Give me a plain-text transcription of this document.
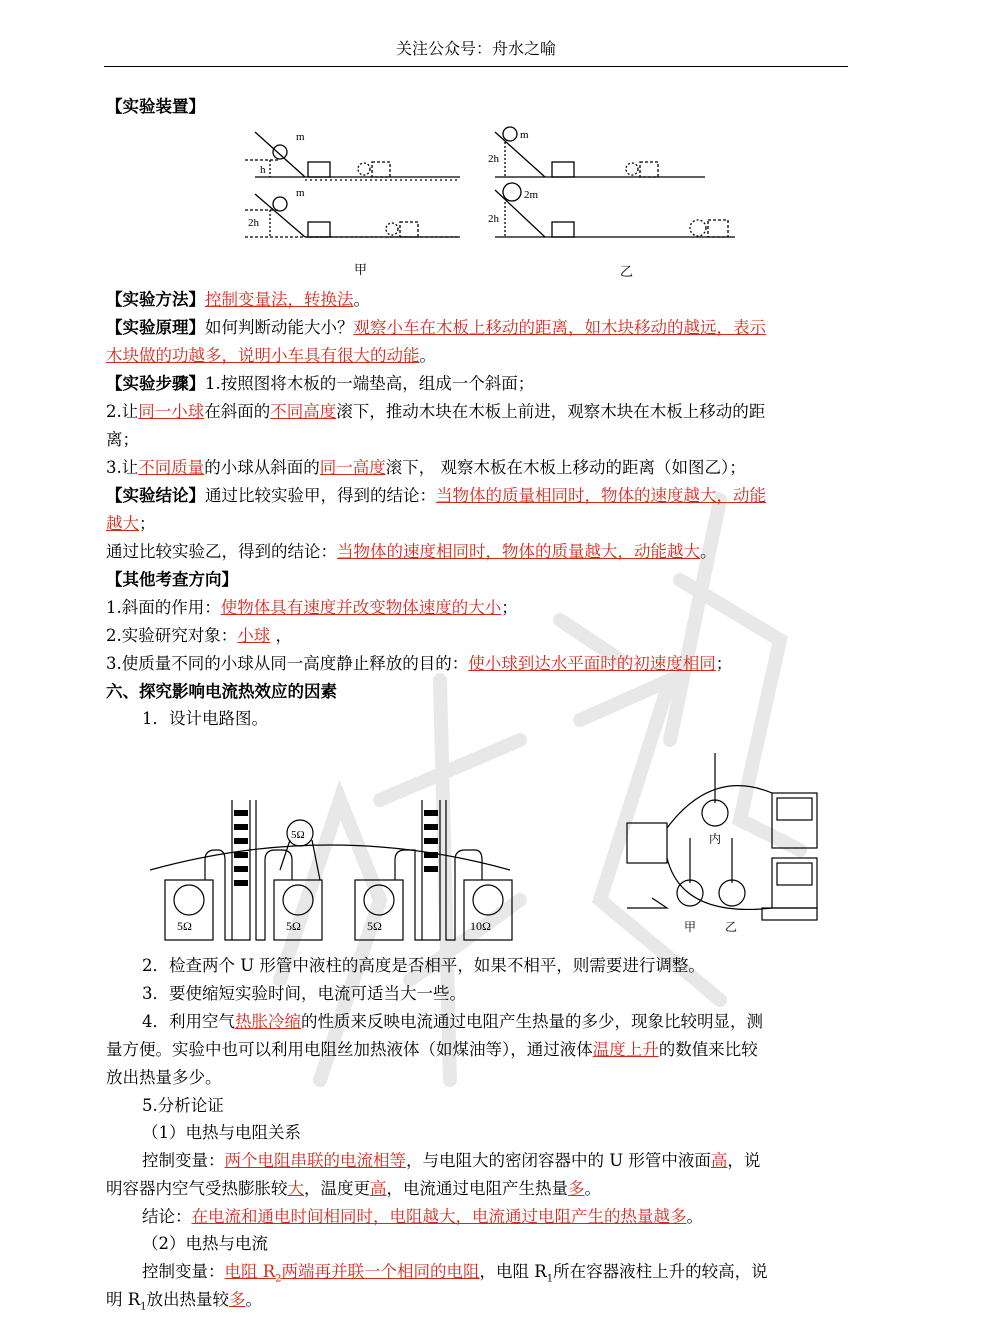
关注公众号：舟水之喻
【实验装置】
m
h
m
2h
m
2h
2m
2h
甲	乙
【实验方法】控制变量法，转换法。
【实验原理】如何判断动能大小？观察小车在木板上移动的距离，如木块移动的越远，表示
木块做的功越多，说明小车具有很大的动能。
【实验步骤】1.按照图将木板的一端垫高，组成一个斜面；
2.让同一小球在斜面的不同高度滚下，推动木块在木板上前进，观察木块在木板上移动的距
离；
3.让不同质量的小球从斜面的同一高度滚下， 观察木板在木板上移动的距离（如图乙）；
【实验结论】通过比较实验甲，得到的结论：当物体的质量相同时，物体的速度越大，动能
越大；
通过比较实验乙，得到的结论：当物体的速度相同时，物体的质量越大，动能越大。
【其他考查方向】
1.斜面的作用：使物体具有速度并改变物体速度的大小；
2.实验研究对象：小球 ，
3.使质量不同的小球从同一高度静止释放的目的：使小球到达水平面时的初速度相同；
六、探究影响电流热效应的因素
1．设计电路图。
5Ω	5Ω
5Ω
5Ω	10Ω
内
甲 乙
2．检查两个 U 形管中液柱的高度是否相平，如果不相平，则需要进行调整。
3．要使缩短实验时间，电流可适当大一些。
4．利用空气热胀冷缩的性质来反映电流通过电阻产生热量的多少，现象比较明显，测
量方便。实验中也可以利用电阻丝加热液体（如煤油等），通过液体温度上升的数值来比较
放出热量多少。
5.分析论证
（1）电热与电阻关系
控制变量：两个电阻串联的电流相等，与电阻大的密闭容器中的 U 形管中液面高，说
明容器内空气受热膨胀较大，温度更高，电流通过电阻产生热量多。
结论：在电流和通电时间相同时，电阻越大，电流通过电阻产生的热量越多。
（2）电热与电流
控制变量：电阻 $R_2$两端再并联一个相同的电阻，电阻 $R_1$所在容器液柱上升的较高，说
明 $R_1$放出热量较多。
